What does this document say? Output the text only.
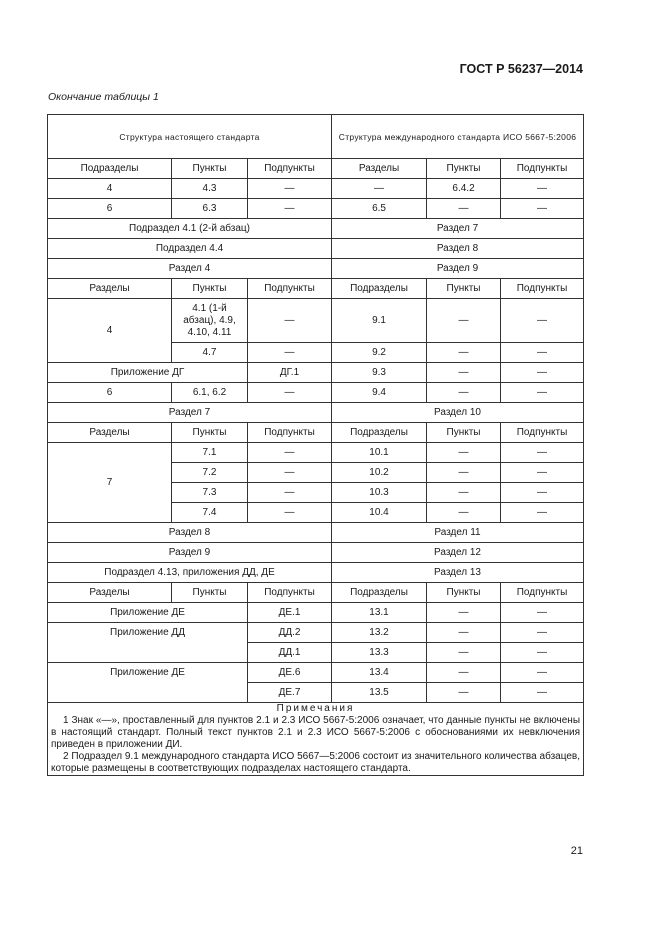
ГОСТ Р 56237—2014
Окончание таблицы 1
Структура настоящего стандарта			Структура международного стандарта ИСО 5667-5:2006		
Подразделы	Пункты	Подпункты	Разделы	Пункты	Подпункты
4	4.3	—	—	6.4.2	—
6	6.3	—	6.5	—	—
Подраздел 4.1 (2-й абзац)			Раздел 7		
Подраздел 4.4			Раздел 8		
Раздел 4			Раздел 9		
Разделы	Пункты	Подпункты	Подразделы	Пункты	Подпункты
4	4.1 (1-й абзац), 4.9, 4.10, 4.11	—	9.1	—	—
	4.7	—	9.2	—	—
Приложение ДГ		ДГ.1	9.3	—	—
6	6.1, 6.2	—	9.4	—	—
Раздел 7			Раздел 10		
Разделы	Пункты	Подпункты	Подразделы	Пункты	Подпункты
7	7.1	—	10.1	—	—
	7.2	—	10.2	—	—
	7.3	—	10.3	—	—
	7.4	—	10.4	—	—
Раздел 8			Раздел 11		
Раздел 9			Раздел 12		
Подраздел 4.13, приложения ДД, ДЕ			Раздел 13		
Разделы	Пункты	Подпункты	Подразделы	Пункты	Подпункты
Приложение ДЕ		ДЕ.1	13.1	—	—
Приложение ДД		ДД.2	13.2	—	—
		ДД.1	13.3	—	—
Приложение ДЕ		ДЕ.6	13.4	—	—
		ДЕ.7	13.5	—	—

Примечания
1 Знак «—», проставленный для пунктов 2.1 и 2.3 ИСО 5667-5:2006 означает, что данные пункты не включены в настоящий стандарт. Полный текст пунктов 2.1 и 2.3 ИСО 5667-5:2006 с обоснованиями их невключения приведен в приложении ДИ.
2 Подраздел 9.1 международного стандарта ИСО 5667—5:2006 состоит из значительного количества абзацев, которые размещены в соответствующих подразделах настоящего стандарта.					
21
